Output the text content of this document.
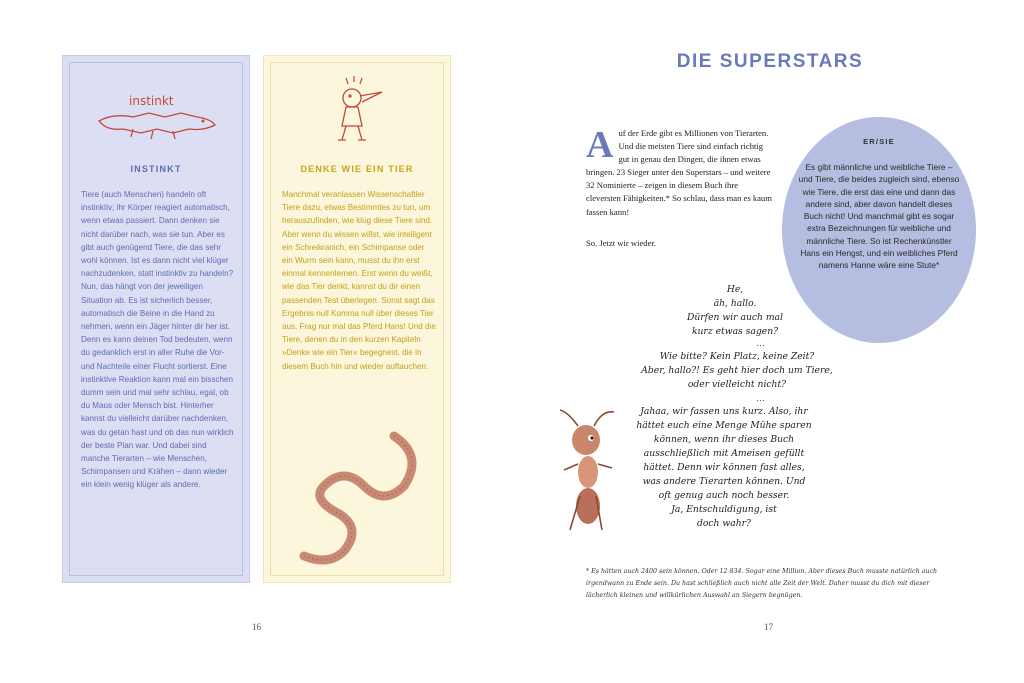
instinkt
INSTINKT

Tiere (auch Menschen) handeln oft instinktiv; ihr Körper reagiert automatisch, wenn etwas passiert. Dann denken sie nicht darüber nach, was sie tun. Aber es gibt auch genügend Tiere, die das sehr wohl können. Ist es dann nicht viel klüger nachzudenken, statt instinktiv zu handeln? Nun, das hängt von der jeweiligen Situation ab. Es ist sicherlich besser, automatisch die Beine in die Hand zu nehmen, wenn ein Jäger hinter dir her ist. Denn es kann deinen Tod bedeuten, wenn du gedanklich erst in aller Ruhe die Vor- und Nachteile einer Flucht sortierst. Eine instinktive Reaktion kann mal ein bisschen dumm sein und mal sehr schlau, egal, ob du Maus oder Mensch bist. Hinterher kannst du vielleicht darüber nachdenken, was du getan hast und ob das nun wirklich der beste Plan war. Und dabei sind manche Tierarten – wie Menschen, Schimpansen und Krähen – dann wieder ein klein wenig klüger als andere.

DENKE WIE EIN TIER

Manchmal veranlassen Wissenschaftler Tiere dazu, etwas Bestimmtes zu tun, um herauszufinden, wie klug diese Tiere sind. Aber wenn du wissen willst, wie intelligent ein Schreikranich, ein Schimpanse oder ein Wurm sein kann, musst du ihn erst einmal kennenlernen. Erst wenn du weißt, wie das Tier denkt, kannst du dir einen passenden Test überlegen. Sonst sagt das Ergebnis null Komma null über dieses Tier aus. Frag nur mal das Pferd Hans! Und die Tiere, denen du in den kurzen Kapiteln »Denke wie ein Tier« begegnest, die in diesem Buch hin und wieder auftauchen.

16
DIE SUPERSTARS

Auf der Erde gibt es Millionen von Tierarten. Und die meisten Tiere sind einfach richtig gut in genau den Dingen, die ihnen etwas bringen. 23 Sieger unter den Superstars – und weitere 32 Nominierte – zeigen in diesem Buch ihre cleversten Fähigkeiten.* So schlau, dass man es kaum fassen kann!

So. Jetzt wir wieder.

ER/SIE

Es gibt männliche und weibliche Tiere – und Tiere, die beides zugleich sind, ebenso wie Tiere, die erst das eine und dann das andere sind, aber davon handelt dieses Buch nicht! Und manchmal gibt es sogar extra Bezeichnungen für weibliche und männliche Tiere. So ist Rechenkünstler Hans ein Hengst, und ein weibliches Pferd namens Hanne wäre eine Stute*

He,
äh, hallo.
Dürfen wir auch mal
kurz etwas sagen?

…

Wie bitte? Kein Platz, keine Zeit?
Aber, hallo?! Es geht hier doch um Tiere,
oder vielleicht nicht?

…

Jahaa, wir fassen uns kurz. Also, ihr
hättet euch eine Menge Mühe sparen
können, wenn ihr dieses Buch
ausschließlich mit Ameisen gefüllt
hättet. Denn wir können fast alles,
was andere Tierarten können. Und
oft genug auch noch besser.
Ja, Entschuldigung, ist
doch wahr?

* Es hätten auch 2400 sein können. Oder 12 834. Sogar eine Million. Aber dieses Buch musste natürlich auch irgendwann zu Ende sein. Du hast schließlich auch nicht alle Zeit der Welt. Daher musst du dich mit dieser lächerlich kleinen und willkürlichen Auswahl an Siegern begnügen.

17
